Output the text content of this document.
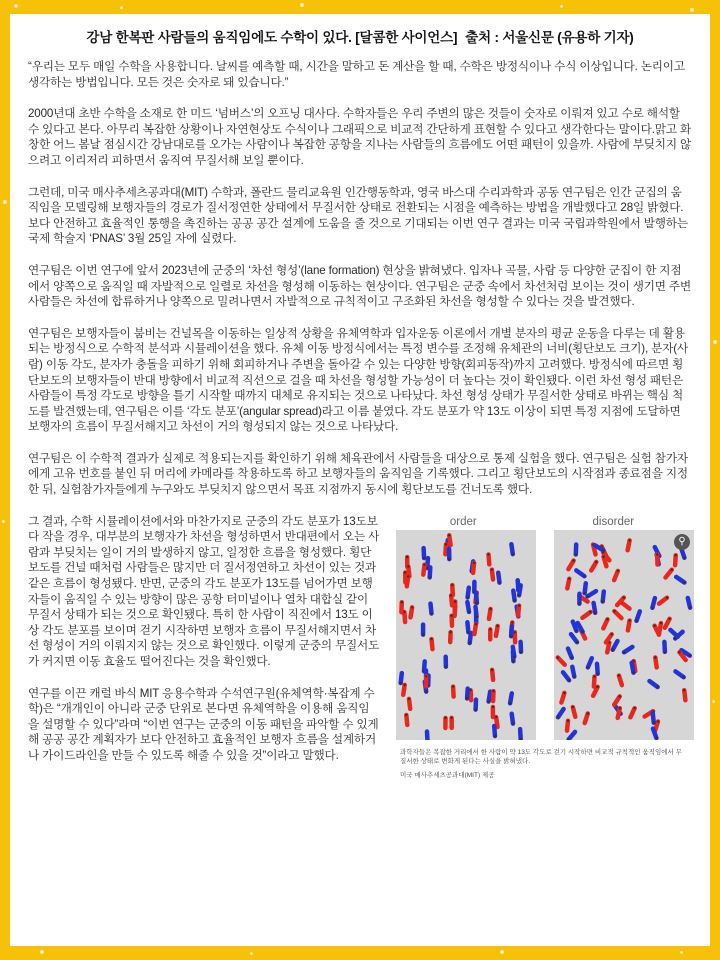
강남 한복판 사람들의 움직임에도 수학이 있다. [달콤한 사이언스] 출처 : 서울신문 (유용하 기자)

“우리는 모두 매일 수학을 사용합니다. 날씨를 예측할 때, 시간을 말하고 돈 계산을 할 때, 수학은 방정식이나 수식 이상입니다. 논리이고 생각하는 방법입니다. 모든 것은 숫자로 돼 있습니다.”

2000년대 초반 수학을 소재로 한 미드 ‘넘버스’의 오프닝 대사다. 수학자들은 우리 주변의 많은 것들이 숫자로 이뤄져 있고 수로 해석할 수 있다고 본다. 아무리 복잡한 상황이나 자연현상도 수식이나 그래픽으로 비교적 간단하게 표현할 수 있다고 생각한다는 말이다.맑고 화창한 어느 봄날 점심시간 강남대로를 오가는 사람이나 복잡한 공항을 지나는 사람들의 흐름에도 어떤 패턴이 있을까. 사람에 부딪치지 않으려고 이리저리 피하면서 움직여 무질서해 보일 뿐이다.

그런데, 미국 매사추세츠공과대(MIT) 수학과, 폴란드 물리교육원 인간행동학과, 영국 바스대 수리과학과 공동 연구팀은 인간 군집의 움직임을 모델링해 보행자들의 경로가 질서정연한 상태에서 무질서한 상태로 전환되는 시점을 예측하는 방법을 개발했다고 28일 밝혔다. 보다 안전하고 효율적인 통행을 촉진하는 공공 공간 설계에 도움을 줄 것으로 기대되는 이번 연구 결과는 미국 국립과학원에서 발행하는 국제 학술지 ‘PNAS’ 3월 25일 자에 실렸다.

연구팀은 이번 연구에 앞서 2023년에 군중의 ‘차선 형성’(lane formation) 현상을 밝혀냈다. 입자나 곡물, 사람 등 다양한 군집이 한 지점에서 양쪽으로 움직일 때 자발적으로 일렬로 차선을 형성해 이동하는 현상이다. 연구팀은 군중 속에서 차선처럼 보이는 것이 생기면 주변 사람들은 차선에 합류하거나 양쪽으로 밀려나면서 자발적으로 규칙적이고 구조화된 차선을 형성할 수 있다는 것을 발견했다.

연구팀은 보행자들이 붐비는 건널목을 이동하는 일상적 상황을 유체역학과 입자운동 이론에서 개별 분자의 평균 운동을 다루는 데 활용되는 방정식으로 수학적 분석과 시뮬레이션을 했다. 유체 이동 방정식에서는 특정 변수를 조정해 유체관의 너비(횡단보도 크기), 분자(사람) 이동 각도, 분자가 충돌을 피하기 위해 회피하거나 주변을 돌아갈 수 있는 다양한 방향(회피동작)까지 고려했다. 방정식에 따르면 횡단보도의 보행자들이 반대 방향에서 비교적 직선으로 걸을 때 차선을 형성할 가능성이 더 높다는 것이 확인됐다. 이런 차선 형성 패턴은 사람들이 특정 각도로 방향을 틀기 시작할 때까지 대체로 유지되는 것으로 나타났다. 차선 형성 상태가 무질서한 상태로 바뀌는 핵심 척도를 발견했는데, 연구팀은 이를 ‘각도 분포’(angular spread)라고 이름 붙였다. 각도 분포가 약 13도 이상이 되면 특정 지점에 도달하면 보행자의 흐름이 무질서해지고 차선이 거의 형성되지 않는 것으로 나타났다.

연구팀은 이 수학적 결과가 실제로 적용되는지를 확인하기 위해 체육관에서 사람들을 대상으로 통제 실험을 했다. 연구팀은 실험 참가자에게 고유 번호를 붙인 뒤 머리에 카메라를 착용하도록 하고 보행자들의 움직임을 기록했다. 그리고 횡단보도의 시작점과 종료점을 지정한 뒤, 실험참가자들에게 누구와도 부딪치지 않으면서 목표 지점까지 동시에 횡단보도를 건너도록 했다.

order	disorder
⚲
과학자들은 복잡한 거리에서 한 사람이 약 13도 각도로 걷기 시작하면 비교적 규칙적인 움직임에서 무질서한 상태로 변화게 된다는 사실을 밝혀냈다.
미국 매사추세츠공과대(MIT) 제공

그 결과, 수학 시뮬레이션에서와 마찬가지로 군중의 각도 분포가 13도보다 작을 경우, 대부분의 보행자가 차선을 형성하면서 반대편에서 오는 사람과 부딪치는 일이 거의 발생하지 않고, 일정한 흐름을 형성했다. 횡단보도를 건널 때처럼 사람들은 많지만 더 질서정연하고 차선이 있는 것과 같은 흐름이 형성됐다. 반면, 군중의 각도 분포가 13도를 넘어가면 보행자들이 움직일 수 있는 방향이 많은 공항 터미널이나 열차 대합실 같이 무질서 상태가 되는 것으로 확인됐다. 특히 한 사람이 직진에서 13도 이상 각도 분포를 보이며 걷기 시작하면 보행자 흐름이 무질서해지면서 차선 형성이 거의 이뤄지지 않는 것으로 확인했다. 이렇게 군중의 무질서도가 커지면 이동 효율도 떨어진다는 것을 확인했다.

연구를 이끈 캐럴 바식 MIT 응용수학과 수석연구원(유체역학·복잡계 수학)은 “개개인이 아니라 군중 단위로 본다면 유체역학을 이용해 움직임을 설명할 수 있다”라며 “이번 연구는 군중의 이동 패턴을 파악할 수 있게 해 공공 공간 계획자가 보다 안전하고 효율적인 보행자 흐름을 설계하거나 가이드라인을 만들 수 있도록 해줄 수 있을 것”이라고 말했다.
